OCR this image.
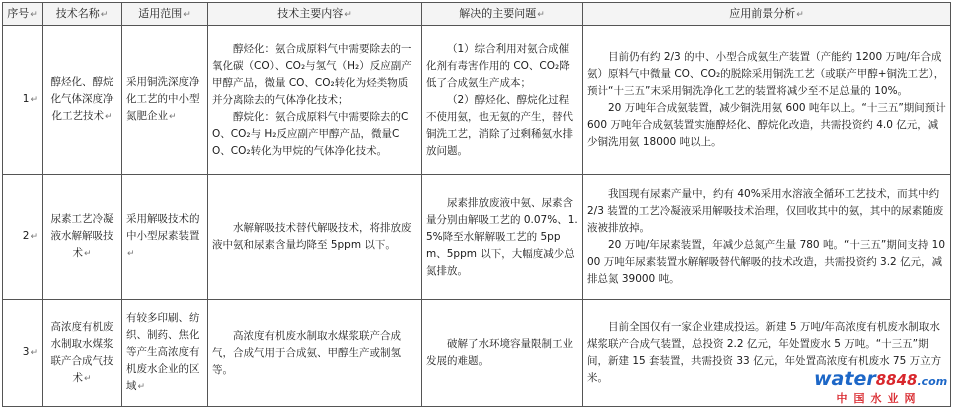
序号↵	技术名称↵	适用范围↵	技术主要内容↵	解决的主要问题↵	应用前景分析↵
1↵	醇烃化、醇烷化气体深度净化工艺技术↵	采用铜洗深度净化工艺的中小型氮肥企业↵	醇烃化：氨合成原料气中需要除去的一氧化碳（CO）、CO₂与氢气（H₂）反应副产甲醇产品，微量 CO、CO₂转化为烃类物质并分离除去的气体净化技术；
醇烷化：氨合成原料气中需要除去的CO、CO₂与 H₂反应副产甲醇产品，微量CO、CO₂转化为甲烷的气体净化技术。	（1）综合利用对氨合成催化剂有毒害作用的 CO、CO₂降低了合成氨生产成本；
（2）醇烃化、醇烷化过程不使用氨，也无氨的产生，替代铜洗工艺，消除了过剩稀氨水排放问题。	目前仍有约 2/3 的中、小型合成氨生产装置（产能约 1200 万吨/年合成氨）原料气中微量 CO、CO₂的脱除采用铜洗工艺（或联产甲醇+铜洗工艺），预计“十三五”末采用铜洗净化工艺的装置将减少至不足总量的 10%。
20 万吨年合成氨装置，减少铜洗用氨 600 吨年以上。“十三五”期间预计 600 万吨年合成氨装置实施醇烃化、醇烷化改造，共需投资约 4.0 亿元，减少铜洗用氨 18000 吨以上。

2↵	尿素工艺冷凝液水解解吸技术↵	采用解吸技术的中小型尿素装置↵	水解解吸技术替代解吸技术，将排放废液中氨和尿素含量均降至 5ppm 以下。	尿素排放废液中氨、尿素含量分别由解吸工艺的 0.07%、1.5%降至水解解吸工艺的 5ppm、5ppm 以下，大幅度减少总氮排放。	我国现有尿素产量中，约有 40%采用水溶液全循环工艺技术，而其中约 2/3 装置的工艺冷凝液采用解吸技术治理，仅回收其中的氨，其中的尿素随废液被排放掉。
20 万吨/年尿素装置，年减少总氮产生量 780 吨。“十三五”期间支持 1000 万吨年尿素装置水解解吸替代解吸的技术改造，共需投资约 3.2 亿元，减排总氮 39000 吨。

3↵	高浓度有机废水制取水煤浆联产合成气技术↵	有较多印刷、纺织、制药、焦化等产生高浓度有机废水企业的区域↵	高浓度有机废水制取水煤浆联产合成气，合成气用于合成氨、甲醇生产或制氢等。	破解了水环境容量限制工业发展的难题。	目前全国仅有一家企业建成投运。新建 5 万吨/年高浓度有机废水制取水煤浆联产合成气装置，总投资 2.2 亿元，年处置废水 5 万吨。“十三五”期间，新建 15 套装置，共需投资 33 亿元，年处置高浓度有机废水 75 万立方米。	water8848.com
中国水业网
